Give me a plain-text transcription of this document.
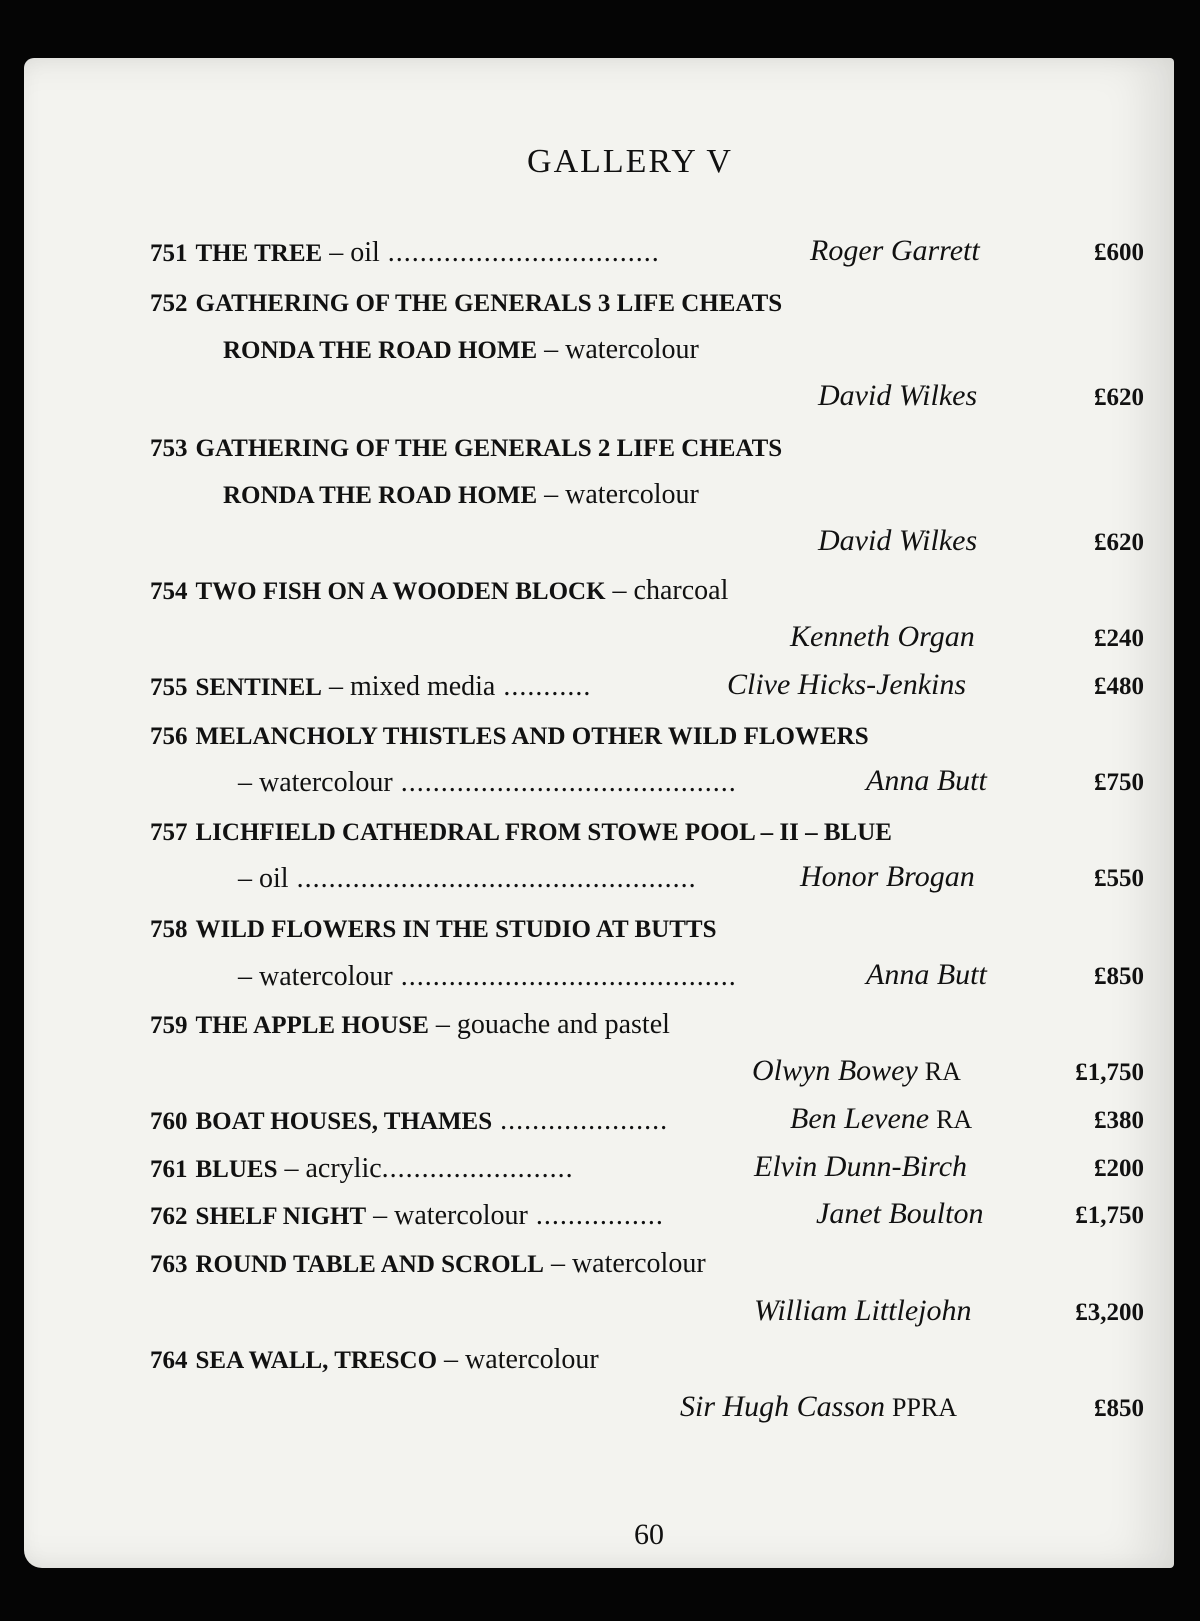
GALLERY V
751 THE TREE – oil ..................................	Roger Garrett	£600
752 GATHERING OF THE GENERALS 3 LIFE CHEATS
RONDA THE ROAD HOME – watercolour
David Wilkes	£620
753 GATHERING OF THE GENERALS 2 LIFE CHEATS
RONDA THE ROAD HOME – watercolour
David Wilkes	£620
754 TWO FISH ON A WOODEN BLOCK – charcoal
Kenneth Organ	£240
755 SENTINEL – mixed media ...........	Clive Hicks-Jenkins	£480
756 MELANCHOLY THISTLES AND OTHER WILD FLOWERS
– watercolour ..........................................	Anna Butt	£750
757 LICHFIELD CATHEDRAL FROM STOWE POOL – II – BLUE
– oil ..................................................	Honor Brogan	£550
758 WILD FLOWERS IN THE STUDIO AT BUTTS
– watercolour ..........................................	Anna Butt	£850
759 THE APPLE HOUSE – gouache and pastel
Olwyn Bowey RA	£1,750
760 BOAT HOUSES, THAMES .....................	Ben Levene RA	£380
761 BLUES – acrylic........................	Elvin Dunn-Birch	£200
762 SHELF NIGHT – watercolour ................	Janet Boulton	£1,750
763 ROUND TABLE AND SCROLL – watercolour
William Littlejohn	£3,200
764 SEA WALL, TRESCO – watercolour
Sir Hugh Casson PPRA	£850
60
